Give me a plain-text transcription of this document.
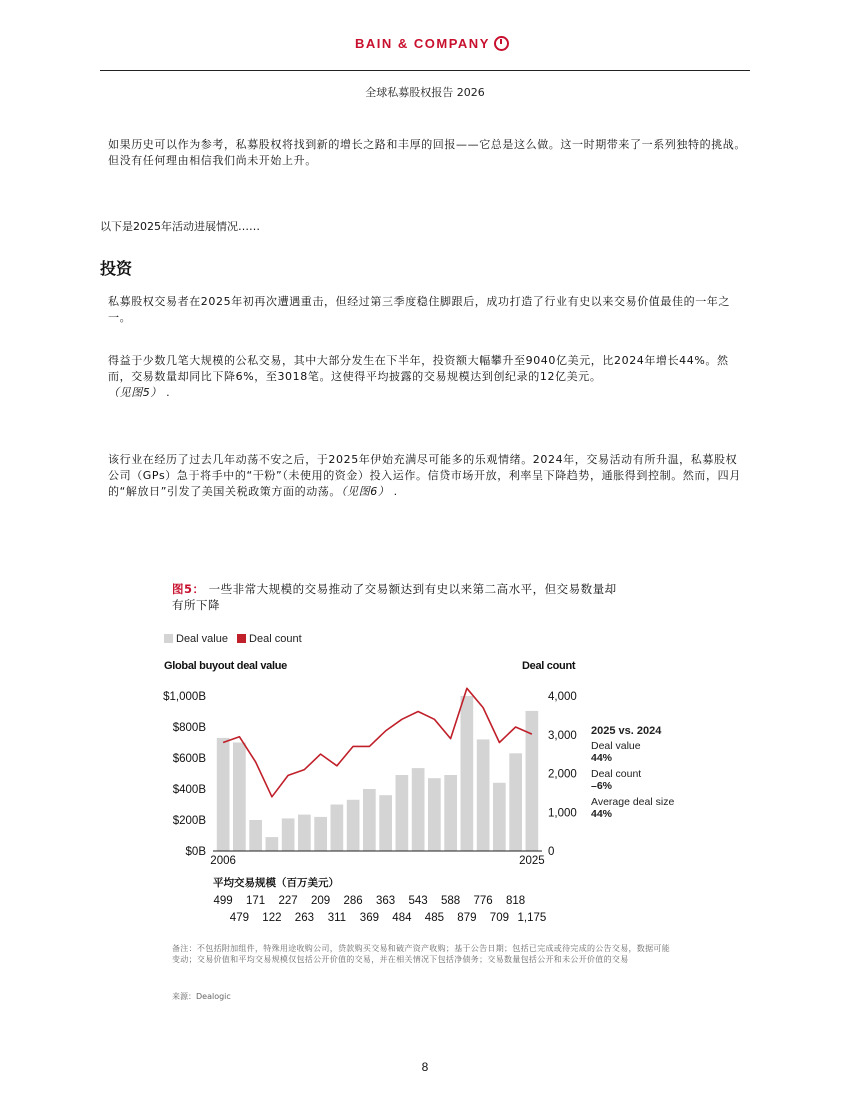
BAIN & COMPANY
全球私募股权报告 2026
如果历史可以作为参考，私募股权将找到新的增长之路和丰厚的回报——它总是这么做。这一时期带来了一系列独特的挑战。但没有任何理由相信我们尚未开始上升。
以下是2025年活动进展情况……
投资
私募股权交易者在2025年初再次遭遇重击，但经过第三季度稳住脚跟后，成功打造了行业有史以来交易价值最佳的一年之一。
得益于少数几笔大规模的公私交易，其中大部分发生在下半年，投资额大幅攀升至9040亿美元，比2024年增长44%。然而，交易数量却同比下降6%，至3018笔。这使得平均披露的交易规模达到创纪录的12亿美元。
（见图5） .
该行业在经历了过去几年动荡不安之后，于2025年伊始充满尽可能多的乐观情绪。2024年，交易活动有所升温，私募股权公司（GPs）急于将手中的“干粉”（未使用的资金）投入运作。信贷市场开放，利率呈下降趋势，通胀得到控制。然而，四月的“解放日”引发了美国关税政策方面的动荡。（见图6） .
图5： 一些非常大规模的交易推动了交易额达到有史以来第二高水平，但交易数量却有所下降
Deal value Deal count
Global buyout deal value	Deal count
$0B
$200B
$400B
$600B
$800B
$1,000B
0
1,000
2,000
3,000
4,000
2006	2025
2025 vs. 2024
Deal value
44%
Deal count
–6%
Average deal size
44%
平均交易规模（百万美元）
499 171 227 209 286 363 543 588 776 818
479 122 263 311 369 484 485 879 709 1,175
备注：不包括附加组件，特殊用途收购公司，贷款购买交易和破产资产收购；基于公告日期；包括已完成或待完成的公告交易，数据可能变动；交易价值和平均交易规模仅包括公开价值的交易，并在相关情况下包括净债务；交易数量包括公开和未公开价值的交易
来源：Dealogic
8
